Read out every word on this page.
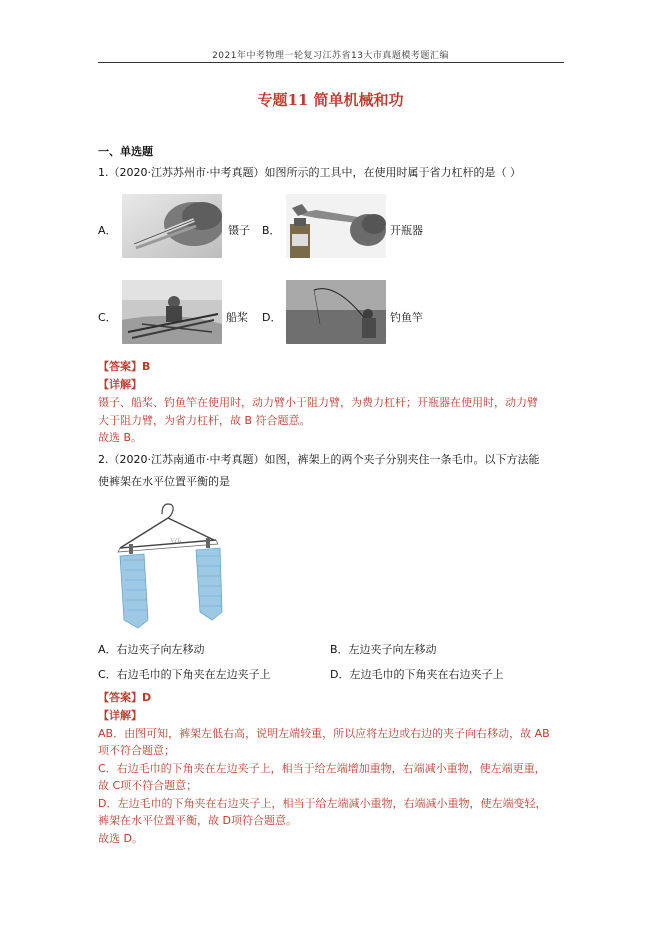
2021年中考物理一轮复习江苏省13大市真题模考题汇编
专题11 简单机械和功
一、单选题
1.（2020·江苏苏州市·中考真题）如图所示的工具中，在使用时属于省力杠杆的是（ ）
A．	镊子 B．	开瓶器
C．	船桨 D．	钓鱼竿
【答案】B
【详解】
镊子、船桨、钓鱼竿在使用时，动力臂小于阻力臂，为费力杠杆；开瓶器在使用时，动力臂
大于阻力臂，为省力杠杆，故 B 符合题意。
故选 B。
2.（2020·江苏南通市·中考真题）如图，裤架上的两个夹子分别夹住一条毛巾。以下方法能
使裤架在水平位置平衡的是
左/右
A．右边夹子向左移动	B．左边夹子向左移动
C．右边毛巾的下角夹在左边夹子上	D．左边毛巾的下角夹在右边夹子上
【答案】D
【详解】
AB．由图可知，裤架左低右高，说明左端较重，所以应将左边或右边的夹子向右移动，故 AB
项不符合题意；
C．右边毛巾的下角夹在左边夹子上，相当于给左端增加重物，右端减小重物，使左端更重，
故 C项不符合题意；
D．左边毛巾的下角夹在右边夹子上，相当于给左端减小重物，右端减小重物，使左端变轻，
裤架在水平位置平衡，故 D项符合题意。
故选 D。
